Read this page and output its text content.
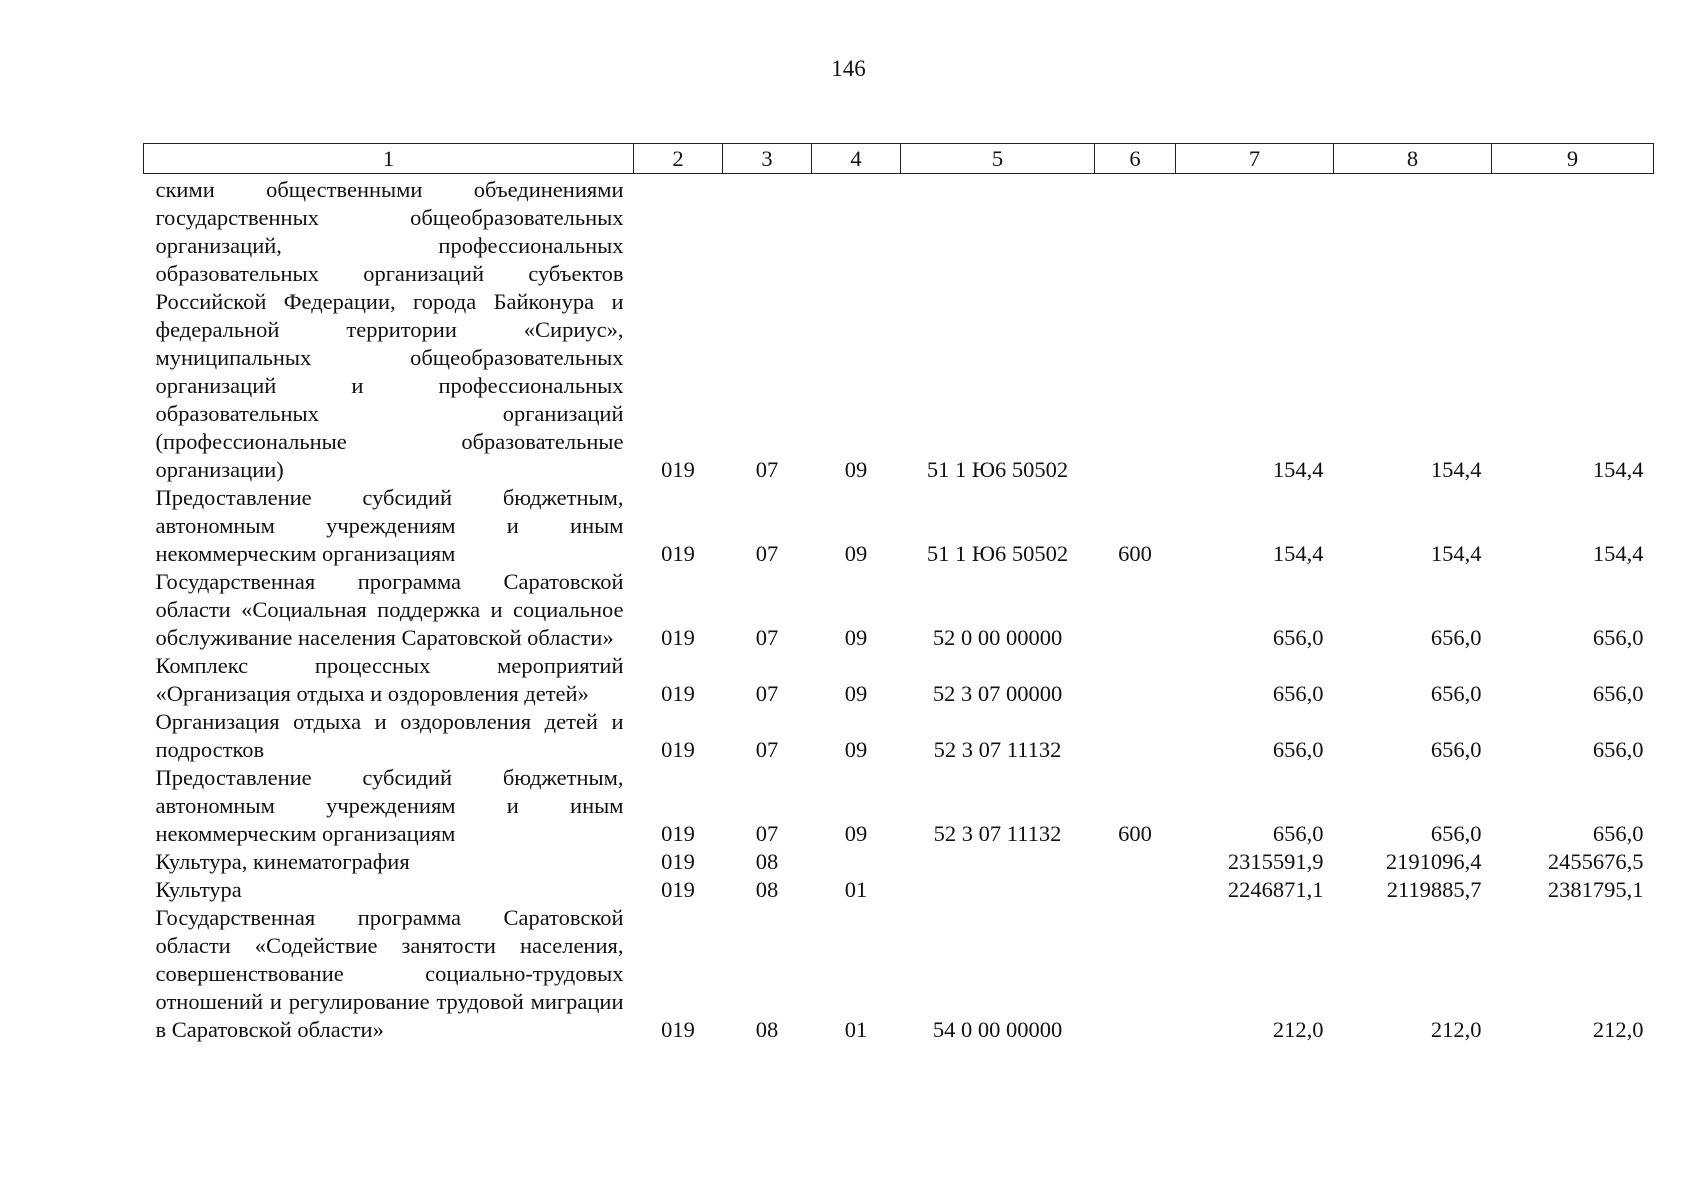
146
1	2	3	4	5	6	7	8	9
скими общественными объединениями государственных общеобразовательных организаций, профессиональных образовательных организаций субъектов Российской Федерации, города Байконура и федеральной территории «Сириус», муниципальных общеобразовательных организаций и профессиональных образовательных организаций (профессиональные образовательные организации)	019	07	09	51 1 Ю6 50502		154,4	154,4	154,4
Предоставление субсидий бюджетным, автономным учреждениям и иным некоммерческим организациям	019	07	09	51 1 Ю6 50502	600	154,4	154,4	154,4
Государственная программа Саратовской области «Социальная поддержка и социальное обслуживание населения Саратовской области»	019	07	09	52 0 00 00000		656,0	656,0	656,0
Комплекс процессных мероприятий «Организация отдыха и оздоровления детей»	019	07	09	52 3 07 00000		656,0	656,0	656,0
Организация отдыха и оздоровления детей и подростков	019	07	09	52 3 07 11132		656,0	656,0	656,0
Предоставление субсидий бюджетным, автономным учреждениям и иным некоммерческим организациям	019	07	09	52 3 07 11132	600	656,0	656,0	656,0
Культура, кинематография	019	08				2315591,9	2191096,4	2455676,5
Культура	019	08	01			2246871,1	2119885,7	2381795,1
Государственная программа Саратовской области «Содействие занятости населения, совершенствование социально-трудовых отношений и регулирование трудовой миграции в Саратовской области»	019	08	01	54 0 00 00000		212,0	212,0	212,0
